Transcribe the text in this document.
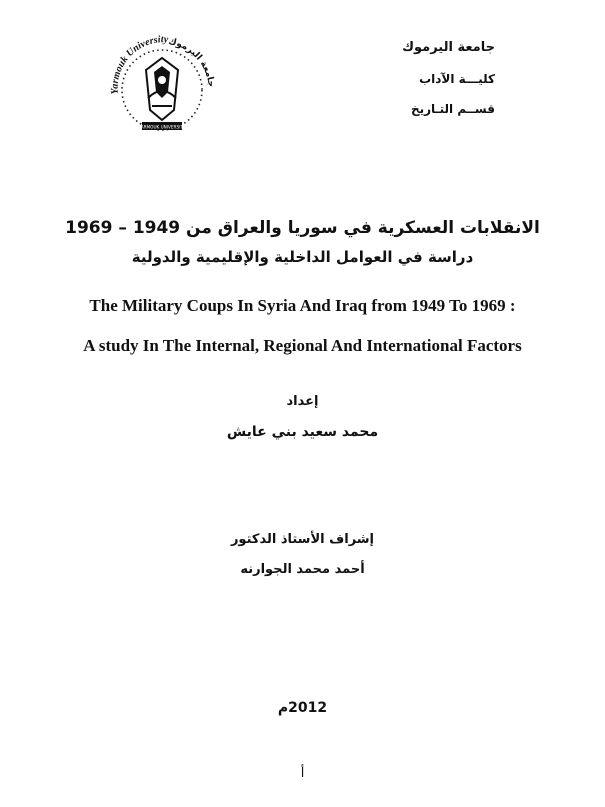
جامعة اليرموك
كليـــة الآداب
قســم التـاريخ
Yarmouk University
جامعة اليرموك
YARMOUK UNIVERSITY
الانقلابات العسكرية في سوريا والعراق من 1949 – 1969
دراسة في العوامل الداخلية والإقليمية والدولية
The Military Coups In Syria And Iraq from 1949 To 1969 :
A study In The Internal, Regional And International Factors
إعداد
محمد سعيد بني عايش
إشراف الأستاذ الدكتور
أحمد محمد الجوارنه
2012م
أ
